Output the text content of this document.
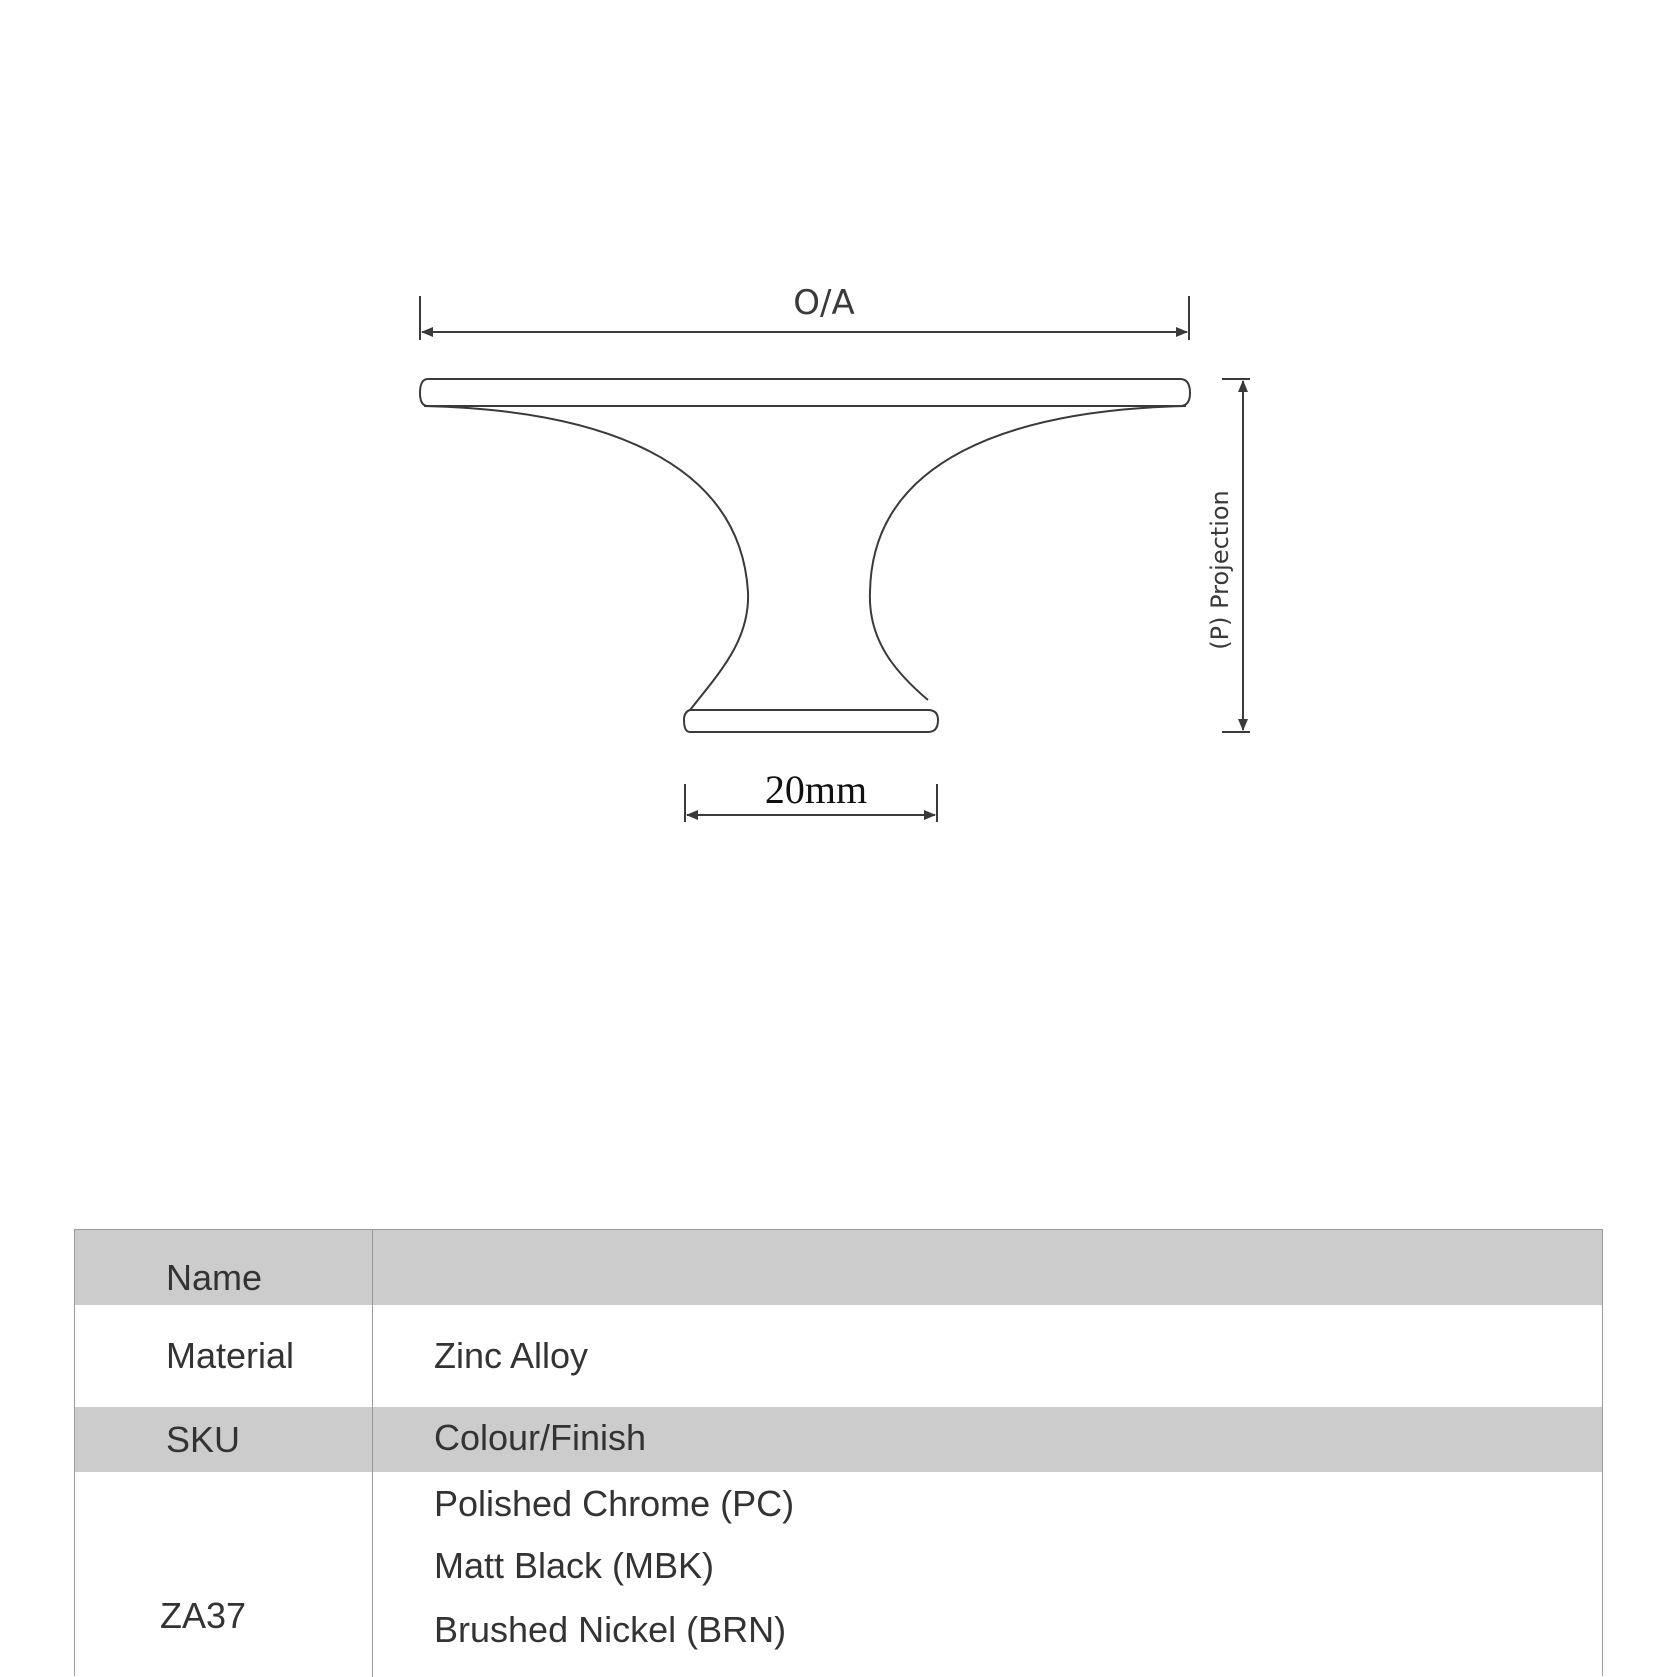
O/A
(P) Projection
20mm
Name
Material	Zinc Alloy
SKU	Colour/Finish
ZA37
Polished Chrome (PC)
Matt Black (MBK)
Brushed Nickel (BRN)
